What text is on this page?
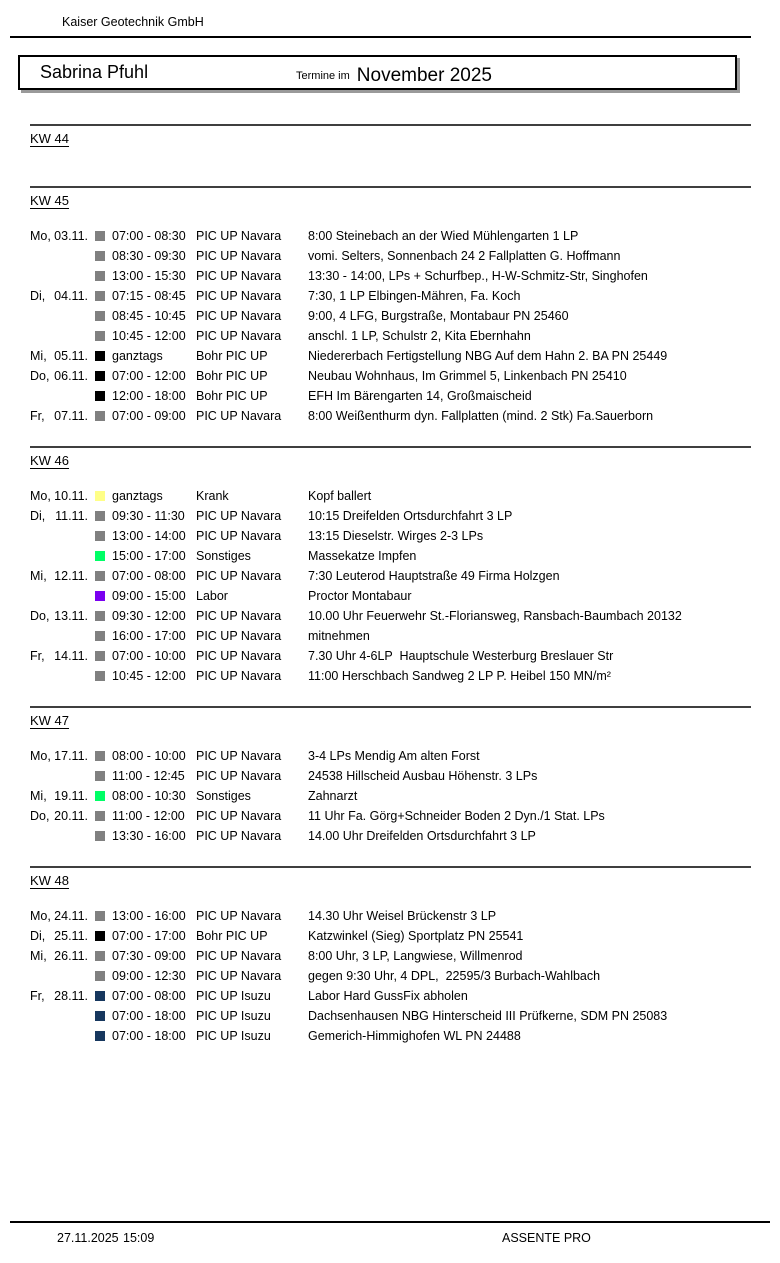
Kaiser Geotechnik GmbH
Sabrina Pfuhl	Termine im November 2025
KW 44
KW 45
Mo, 03.11. 07:00 - 08:30 PIC UP Navara	8:00 Steinebach an der Wied Mühlengarten 1 LP
08:30 - 09:30 PIC UP Navara	vomi. Selters, Sonnenbach 24 2 Fallplatten G. Hoffmann
13:00 - 15:30 PIC UP Navara	13:30 - 14:00, LPs + Schurfbep., H-W-Schmitz-Str, Singhofen
Di, 04.11. 07:15 - 08:45 PIC UP Navara	7:30, 1 LP Elbingen-Mähren, Fa. Koch
08:45 - 10:45 PIC UP Navara	9:00, 4 LFG, Burgstraße, Montabaur PN 25460
10:45 - 12:00 PIC UP Navara	anschl. 1 LP, Schulstr 2, Kita Ebernhahn
Mi, 05.11. ganztags	Bohr PIC UP	Niedererbach Fertigstellung NBG Auf dem Hahn 2. BA PN 25449
Do, 06.11. 07:00 - 12:00 Bohr PIC UP	Neubau Wohnhaus, Im Grimmel 5, Linkenbach PN 25410
12:00 - 18:00 Bohr PIC UP	EFH Im Bärengarten 14, Großmaischeid
Fr, 07.11. 07:00 - 09:00 PIC UP Navara	8:00 Weißenthurm dyn. Fallplatten (mind. 2 Stk) Fa.Sauerborn
KW 46
Mo, 10.11. ganztags	Krank	Kopf ballert
Di, 11.11. 09:30 - 11:30 PIC UP Navara	10:15 Dreifelden Ortsdurchfahrt 3 LP
13:00 - 14:00 PIC UP Navara	13:15 Dieselstr. Wirges 2-3 LPs
15:00 - 17:00 Sonstiges	Massekatze Impfen
Mi, 12.11. 07:00 - 08:00 PIC UP Navara	7:30 Leuterod Hauptstraße 49 Firma Holzgen
09:00 - 15:00 Labor	Proctor Montabaur
Do, 13.11. 09:30 - 12:00 PIC UP Navara	10.00 Uhr Feuerwehr St.-Floriansweg, Ransbach-Baumbach 20132
16:00 - 17:00 PIC UP Navara	mitnehmen
Fr, 14.11. 07:00 - 10:00 PIC UP Navara	7.30 Uhr 4-6LP  Hauptschule Westerburg Breslauer Str
10:45 - 12:00 PIC UP Navara	11:00 Herschbach Sandweg 2 LP P. Heibel 150 MN/m²
KW 47
Mo, 17.11. 08:00 - 10:00 PIC UP Navara	3-4 LPs Mendig Am alten Forst
11:00 - 12:45 PIC UP Navara	24538 Hillscheid Ausbau Höhenstr. 3 LPs
Mi, 19.11. 08:00 - 10:30 Sonstiges	Zahnarzt
Do, 20.11. 11:00 - 12:00 PIC UP Navara	11 Uhr Fa. Görg+Schneider Boden 2 Dyn./1 Stat. LPs
13:30 - 16:00 PIC UP Navara	14.00 Uhr Dreifelden Ortsdurchfahrt 3 LP
KW 48
Mo, 24.11. 13:00 - 16:00 PIC UP Navara	14.30 Uhr Weisel Brückenstr 3 LP
Di, 25.11. 07:00 - 17:00 Bohr PIC UP	Katzwinkel (Sieg) Sportplatz PN 25541
Mi, 26.11. 07:30 - 09:00 PIC UP Navara	8:00 Uhr, 3 LP, Langwiese, Willmenrod
09:00 - 12:30 PIC UP Navara	gegen 9:30 Uhr, 4 DPL,  22595/3 Burbach-Wahlbach
Fr, 28.11. 07:00 - 08:00 PIC UP Isuzu	Labor Hard GussFix abholen
07:00 - 18:00 PIC UP Isuzu	Dachsenhausen NBG Hinterscheid III Prüfkerne, SDM PN 25083
07:00 - 18:00 PIC UP Isuzu	Gemerich-Himmighofen WL PN 24488
27.11.2025 15:09	ASSENTE PRO
